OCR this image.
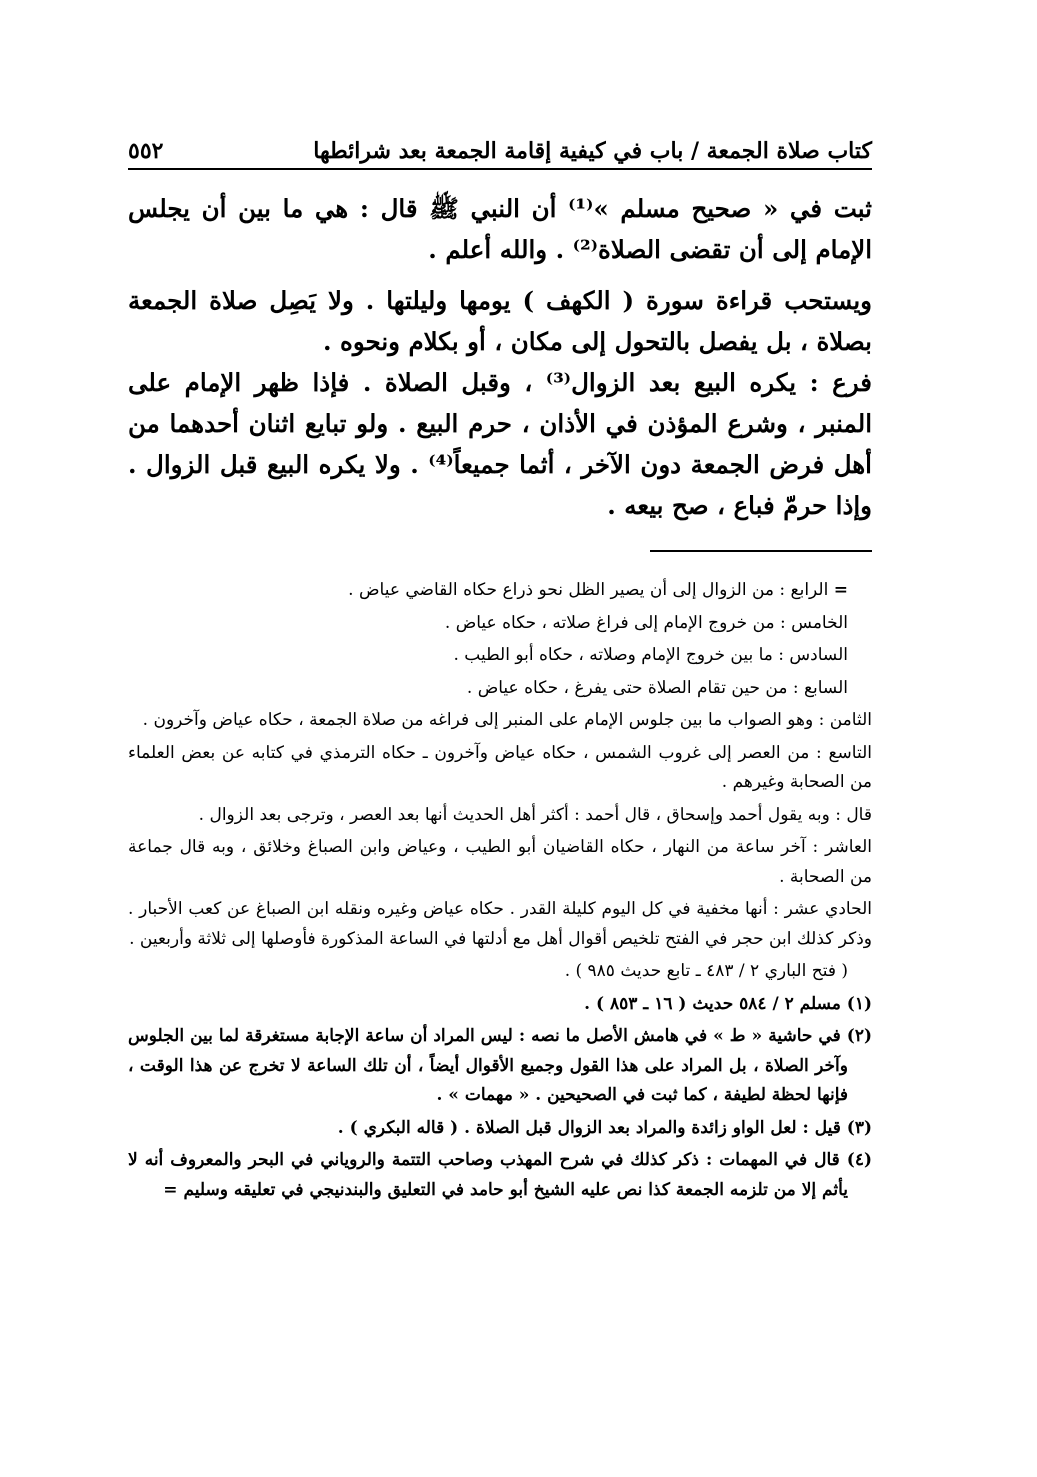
كتاب صلاة الجمعة / باب في كيفية إقامة الجمعة بعد شرائطها
٥٥٢

ثبت في « صحيح مسلم »⁽¹⁾ أن النبي ﷺ قال : هي ما بين أن يجلس الإمام إلى أن تقضى الصلاة⁽²⁾ . والله أعلم .

ويستحب قراءة سورة ( الكهف ) يومها وليلتها . ولا يَصِل صلاة الجمعة بصلاة ، بل يفصل بالتحول إلى مكان ، أو بكلام ونحوه .

فرع : يكره البيع بعد الزوال⁽³⁾ ، وقبل الصلاة . فإذا ظهر الإمام على المنبر ، وشرع المؤذن في الأذان ، حرم البيع . ولو تبايع اثنان أحدهما من أهل فرض الجمعة دون الآخر ، أثما جميعاً⁽⁴⁾ . ولا يكره البيع قبل الزوال . وإذا حرمّ فباع ، صح بيعه .

= الرابع : من الزوال إلى أن يصير الظل نحو ذراع حكاه القاضي عياض .

الخامس : من خروج الإمام إلى فراغ صلاته ، حكاه عياض .

السادس : ما بين خروج الإمام وصلاته ، حكاه أبو الطيب .

السابع : من حين تقام الصلاة حتى يفرغ ، حكاه عياض .

الثامن : وهو الصواب ما بين جلوس الإمام على المنبر إلى فراغه من صلاة الجمعة ، حكاه عياض وآخرون .

التاسع : من العصر إلى غروب الشمس ، حكاه عياض وآخرون ـ حكاه الترمذي في كتابه عن بعض العلماء من الصحابة وغيرهم .

قال : وبه يقول أحمد وإسحاق ، قال أحمد : أكثر أهل الحديث أنها بعد العصر ، وترجى بعد الزوال .

العاشر : آخر ساعة من النهار ، حكاه القاضيان أبو الطيب ، وعياض وابن الصباغ وخلائق ، وبه قال جماعة من الصحابة .

الحادي عشر : أنها مخفية في كل اليوم كليلة القدر . حكاه عياض وغيره ونقله ابن الصباغ عن كعب الأحبار . وذكر كذلك ابن حجر في الفتح تلخيص أقوال أهل مع أدلتها في الساعة المذكورة فأوصلها إلى ثلاثة وأربعين .

( فتح الباري ٢ / ٤٨٣ ـ تابع حديث ٩٨٥ ) .

(١) مسلم ٢ / ٥٨٤ حديث ( ١٦ ـ ٨٥٣ ) .

(٢) في حاشية « ط » في هامش الأصل ما نصه : ليس المراد أن ساعة الإجابة مستغرقة لما بين الجلوس وآخر الصلاة ، بل المراد على هذا القول وجميع الأقوال أيضاً ، أن تلك الساعة لا تخرج عن هذا الوقت ، فإنها لحظة لطيفة ، كما ثبت في الصحيحين . « مهمات » .

(٣) قيل : لعل الواو زائدة والمراد بعد الزوال قبل الصلاة . ( قاله البكري ) .

(٤) قال في المهمات : ذكر كذلك في شرح المهذب وصاحب التتمة والروياني في البحر والمعروف أنه لا يأثم إلا من تلزمه الجمعة كذا نص عليه الشيخ أبو حامد في التعليق والبندنيجي في تعليقه وسليم =
